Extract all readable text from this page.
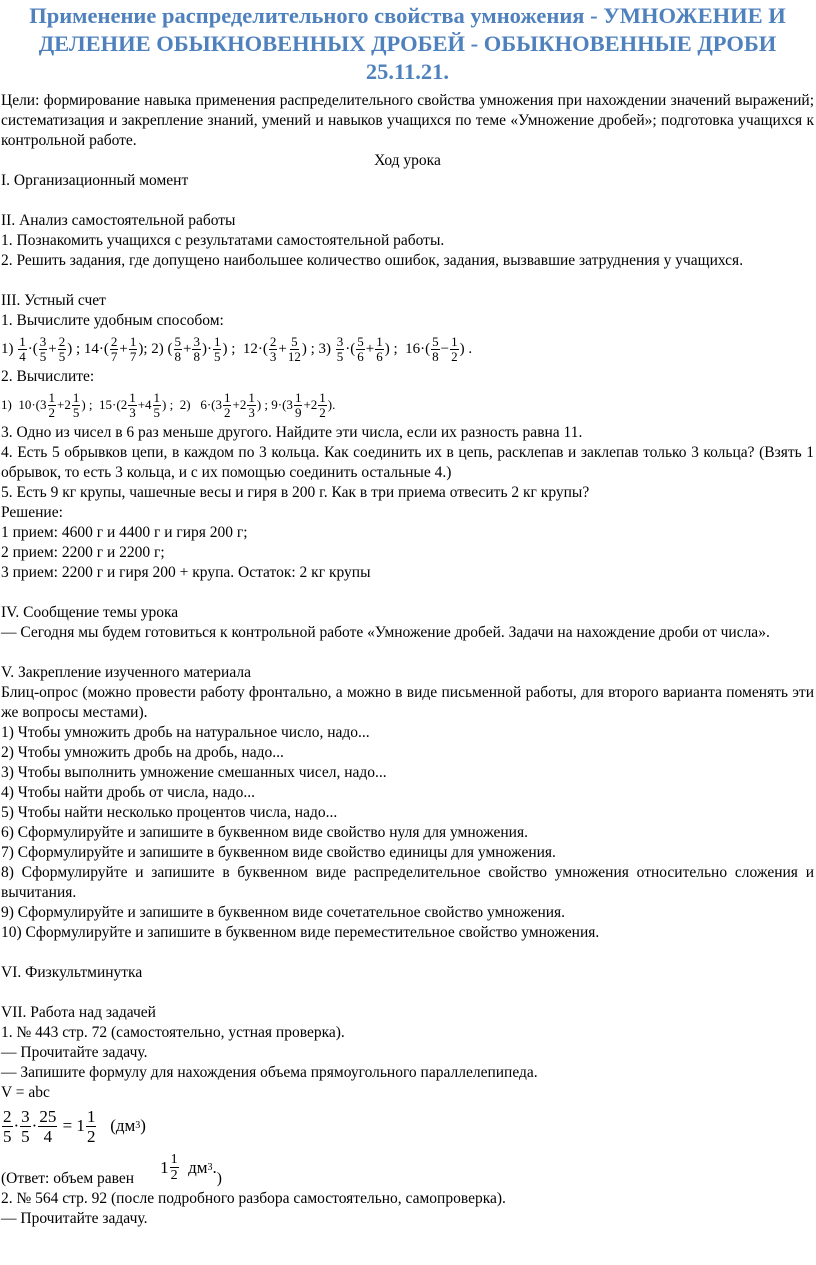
Применение распределительного свойства умножения - УМНОЖЕНИЕ И ДЕЛЕНИЕ ОБЫКНОВЕННЫХ ДРОБЕЙ - ОБЫКНОВЕННЫЕ ДРОБИ 25.11.21.

Цели: формирование навыка применения распределительного свойства умножения при нахождении значений выражений; систематизация и закрепление знаний, умений и навыков учащихся по теме «Умножение дробей»; подготовка учащихся к контрольной работе.

Ход урока

I. Организационный момент

II. Анализ самостоятельной работы

1. Познакомить учащихся с результатами самостоятельной работы.

2. Решить задания, где допущено наибольшее количество ошибок, задания, вызвавшие затруднения у учащихся.

III. Устный счет

1. Вычислите удобным способом:

$1) \frac{1}{4}$ ·( $\frac{3}{5} + \frac{2}{5}$ ) ; $14\cdot( \frac{2}{7} + \frac{1}{7}$ ); 2) ( $\frac{5}{8} + \frac{3}{8}$ )· $\frac{1}{5}$ ) ;  $12\cdot( \frac{2}{3} + \frac{5}{12}$ ) ; $3) \frac{3}{5}$ ·( $\frac{5}{6} + \frac{1}{6}$ ) ;  $16\cdot( \frac{5}{8} - \frac{1}{2}$ ) .

2. Вычислите:

1)  $10\cdot(3 \frac{1}{2} +2 \frac{1}{5}$ ) ;  $15\cdot(2 \frac{1}{3} +4 \frac{1}{5}$ ) ;  2)   $6\cdot(3 \frac{1}{2} +2 \frac{1}{3}$ ) ; $9\cdot(3 \frac{1}{9} +2 \frac{1}{2}$ ).

3. Одно из чисел в 6 раз меньше другого. Найдите эти числа, если их разность равна 11.

4. Есть 5 обрывков цепи, в каждом по 3 кольца. Как соединить их в цепь, расклепав и заклепав только 3 кольца? (Взять 1 обрывок, то есть 3 кольца, и с их помощью соединить остальные 4.)

5. Есть 9 кг крупы, чашечные весы и гиря в 200 г. Как в три приема отвесить 2 кг крупы?

Решение:

1 прием: 4600 г и 4400 г и гиря 200 г;

2 прием: 2200 г и 2200 г;

3 прием: 2200 г и гиря 200 + крупа. Остаток: 2 кг крупы

IV. Сообщение темы урока

— Сегодня мы будем готовиться к контрольной работе «Умножение дробей. Задачи на нахождение дроби от числа».

V. Закрепление изученного материала

Блиц-опрос (можно провести работу фронтально, а можно в виде письменной работы, для второго варианта поменять эти же вопросы местами).

1) Чтобы умножить дробь на натуральное число, надо...

2) Чтобы умножить дробь на дробь, надо...

3) Чтобы выполнить умножение смешанных чисел, надо...

4) Чтобы найти дробь от числа, надо...

5) Чтобы найти несколько процентов числа, надо...

6) Сформулируйте и запишите в буквенном виде свойство нуля для умножения.

7) Сформулируйте и запишите в буквенном виде свойство единицы для умножения.

8) Сформулируйте и запишите в буквенном виде распределительное свойство умножения относительно сложения и вычитания.

9) Сформулируйте и запишите в буквенном виде сочетательное свойство умножения.

10) Сформулируйте и запишите в буквенном виде переместительное свойство умножения.

VI. Физкультминутка

VII. Работа над задачей

1. № 443 стр. 72 (самостоятельно, устная проверка).

— Прочитайте задачу.

— Запишите формулу для нахождения объема прямоугольного параллелепипеда.

V = abc

$\frac{2}{5} \cdot \frac{3}{5} \cdot \frac{25}{4} = 1 \frac{1}{2}$ ( дм 3 )
(Ответ: объем равен
$1 \frac{1}{2}$
дм 3 .
)

2. № 564 стр. 92 (после подробного разбора самостоятельно, самопроверка).

— Прочитайте задачу.
